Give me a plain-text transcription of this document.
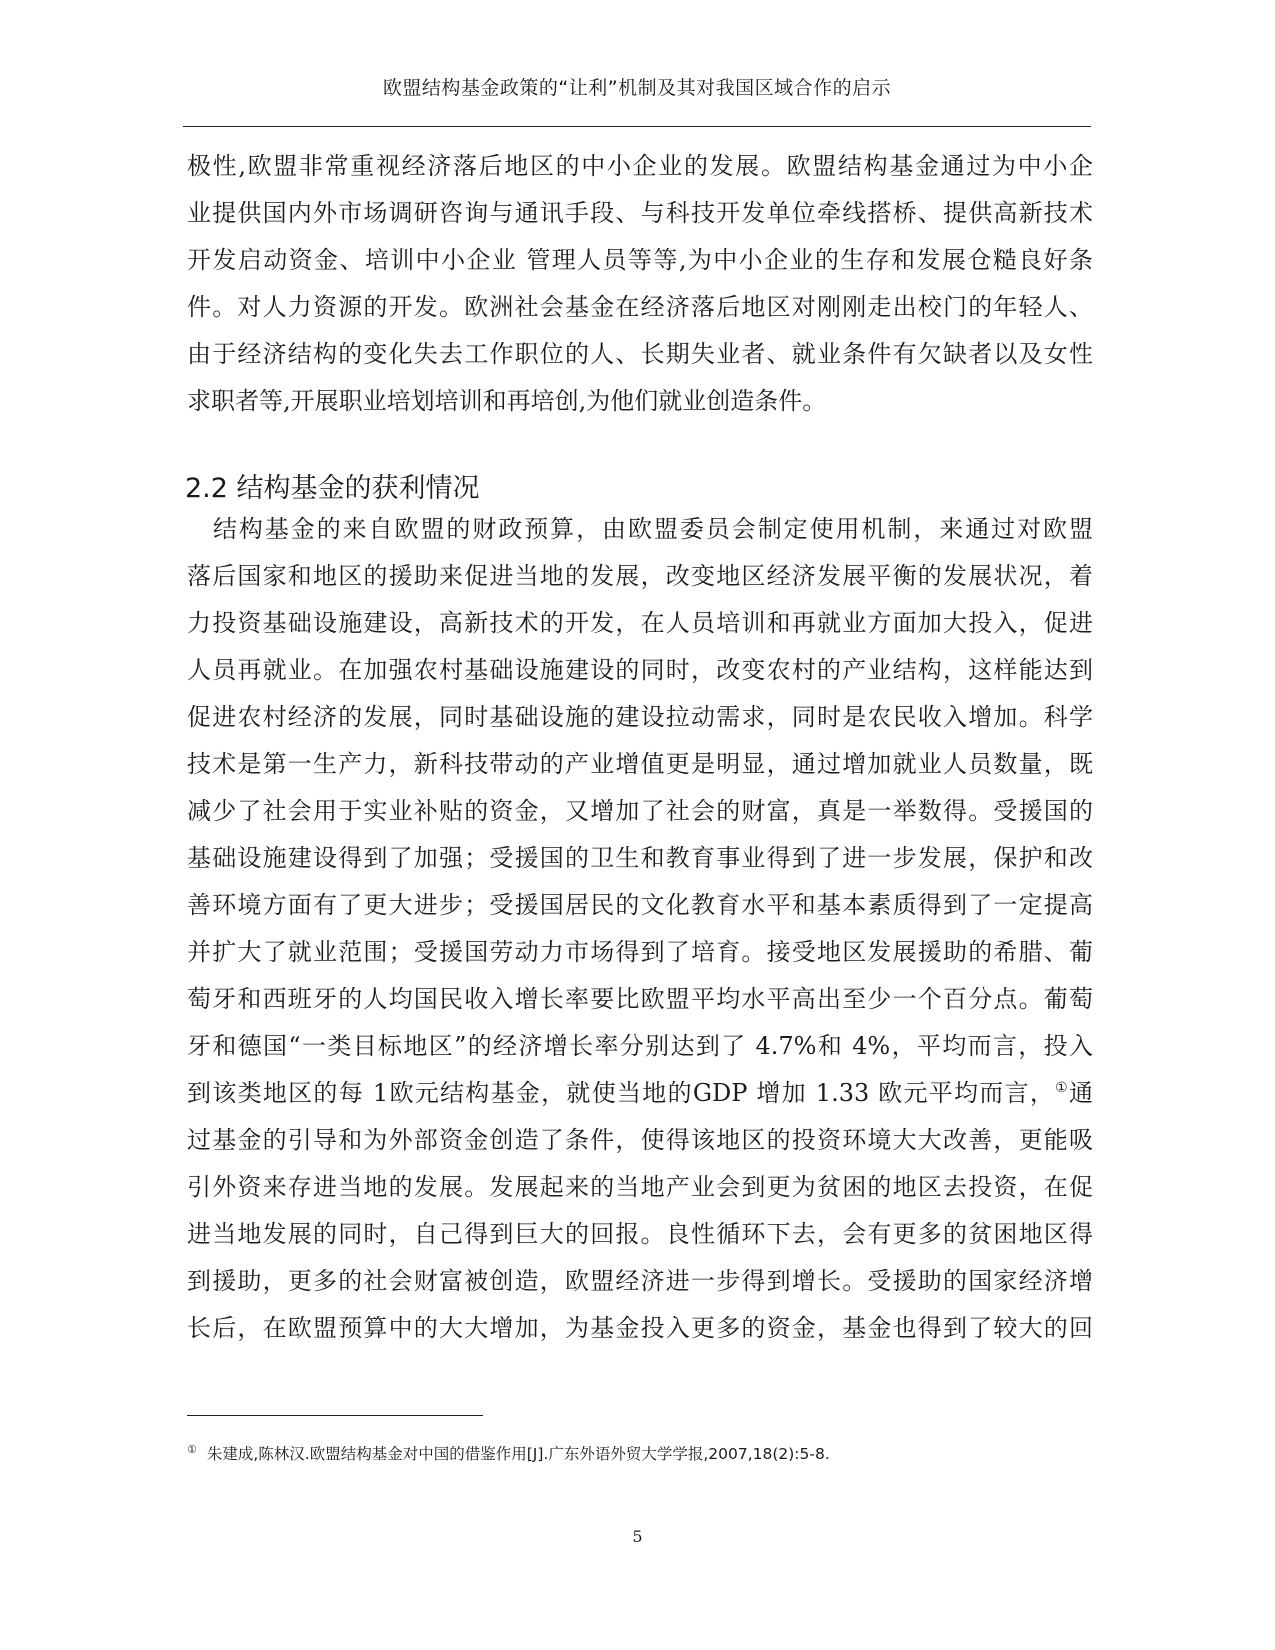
欧盟结构基金政策的“让利”机制及其对我国区域合作的启示
极性,欧盟非常重视经济落后地区的中小企业的发展。欧盟结构基金通过为中小企
业提供国内外市场调研咨询与通讯手段、与科技开发单位牵线搭桥、提供高新技术
开发启动资金、培训中小企业 管理人员等等,为中小企业的生存和发展仓糙良好条
件。对人力资源的开发。欧洲社会基金在经济落后地区对刚刚走出校门的年轻人、
由于经济结构的变化失去工作职位的人、长期失业者、就业条件有欠缺者以及女性
求职者等,开展职业培划培训和再培创,为他们就业创造条件。
2.2 结构基金的获利情况
　结构基金的来自欧盟的财政预算，由欧盟委员会制定使用机制，来通过对欧盟
落后国家和地区的援助来促进当地的发展，改变地区经济发展平衡的发展状况，着
力投资基础设施建设，高新技术的开发，在人员培训和再就业方面加大投入，促进
人员再就业。在加强农村基础设施建设的同时，改变农村的产业结构，这样能达到
促进农村经济的发展，同时基础设施的建设拉动需求，同时是农民收入增加。科学
技术是第一生产力，新科技带动的产业增值更是明显，通过增加就业人员数量，既
减少了社会用于实业补贴的资金，又增加了社会的财富，真是一举数得。受援国的
基础设施建设得到了加强；受援国的卫生和教育事业得到了进一步发展，保护和改
善环境方面有了更大进步；受援国居民的文化教育水平和基本素质得到了一定提高
并扩大了就业范围；受援国劳动力市场得到了培育。接受地区发展援助的希腊、葡
萄牙和西班牙的人均国民收入增长率要比欧盟平均水平高出至少一个百分点。葡萄
牙和德国“一类目标地区”的经济增长率分别达到了 4.7%和 4%，平均而言，投入
到该类地区的每 1欧元结构基金，就使当地的GDP 增加 1.33 欧元平均而言，①通
过基金的引导和为外部资金创造了条件，使得该地区的投资环境大大改善，更能吸
引外资来存进当地的发展。发展起来的当地产业会到更为贫困的地区去投资，在促
进当地发展的同时，自己得到巨大的回报。良性循环下去，会有更多的贫困地区得
到援助，更多的社会财富被创造，欧盟经济进一步得到增长。受援助的国家经济增
长后，在欧盟预算中的大大增加，为基金投入更多的资金，基金也得到了较大的回
① 朱建成,陈林汉.欧盟结构基金对中国的借鉴作用[J].广东外语外贸大学学报,2007,18(2):5-8.
5
